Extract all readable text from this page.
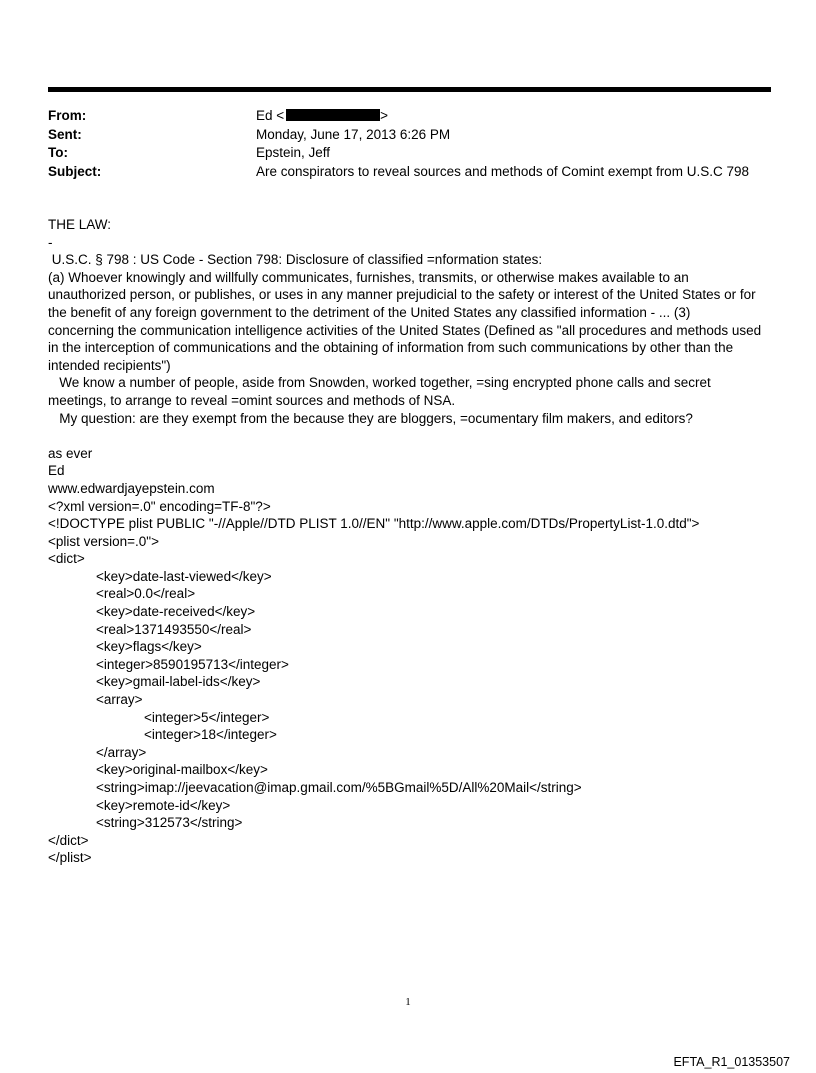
From:	Ed <	>
Sent:	Monday, June 17, 2013 6:26 PM
To:	Epstein, Jeff
Subject:	Are conspirators to reveal sources and methods of Comint exempt from U.S.C 798
THE LAW:
-
U.S.C. § 798 : US Code - Section 798: Disclosure of classified =nformation states:
(a) Whoever knowingly and willfully communicates, furnishes, transmits, or otherwise makes available to an
unauthorized person, or publishes, or uses in any manner prejudicial to the safety or interest of the United States or for
the benefit of any foreign government to the detriment of the United States any classified information - ... (3)
concerning the communication intelligence activities of the United States (Defined as "all procedures and methods used
in the interception of communications and the obtaining of information from such communications by other than the
intended recipients")
We know a number of people, aside from Snowden, worked together, =sing encrypted phone calls and secret
meetings, to arrange to reveal =omint sources and methods of NSA.
My question: are they exempt from the because they are bloggers, =ocumentary film makers, and editors?
as ever
Ed
www.edwardjayepstein.com
<?xml version=.0" encoding=TF-8"?>
<!DOCTYPE plist PUBLIC "-//Apple//DTD PLIST 1.0//EN" "http://www.apple.com/DTDs/PropertyList-1.0.dtd">
<plist version=.0">
<dict>
<key>date-last-viewed</key>
<real>0.0</real>
<key>date-received</key>
<real>1371493550</real>
<key>flags</key>
<integer>8590195713</integer>
<key>gmail-label-ids</key>
<array>
<integer>5</integer>
<integer>18</integer>
</array>
<key>original-mailbox</key>
<string>imap://jeevacation@imap.gmail.com/%5BGmail%5D/All%20Mail</string>
<key>remote-id</key>
<string>312573</string>
</dict>
</plist>
1
EFTA_R1_01353507
